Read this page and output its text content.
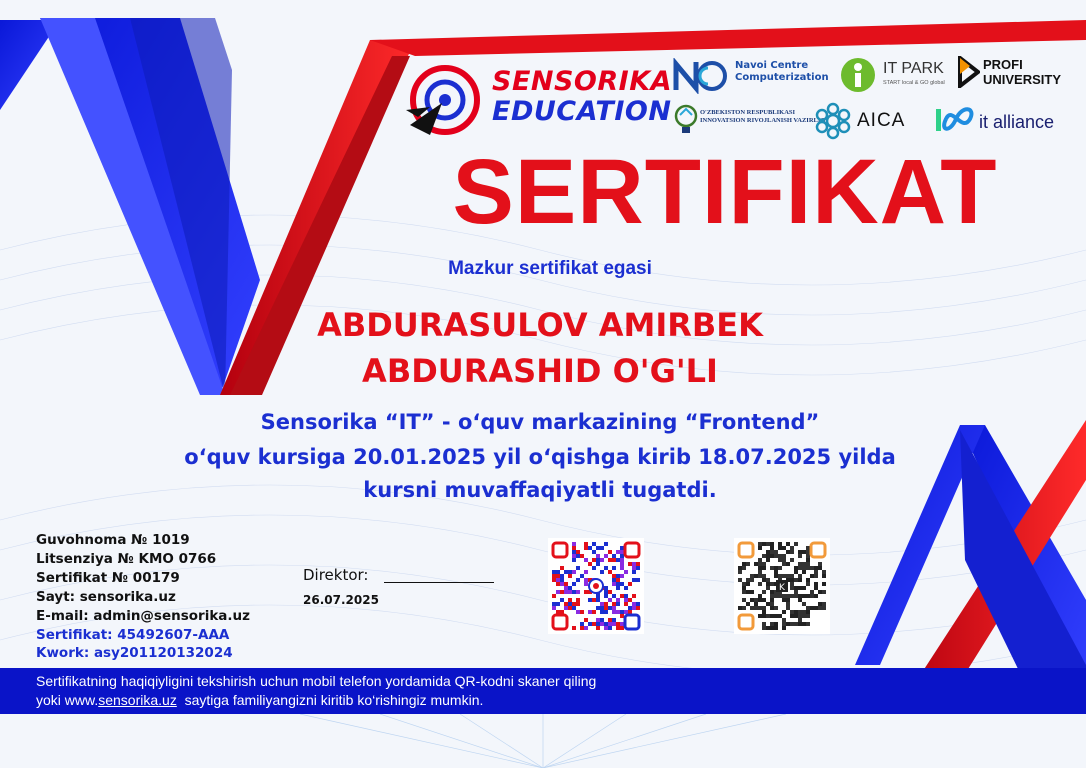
SENSORIKA
EDUCATION
Navoi Centre Computerization
IT PARK
START local & GO global
PROFI UNIVERSITY
O'ZBEKISTON RESPUBLIKASI INNOVATSION RIVOJLANISH VAZIRLIGI AICA	it alliance
SERTIFIKAT
Mazkur sertifikat egasi
ABDURASULOV AMIRBEK
ABDURASHID O'G'LI
Sensorika “IT” - o‘quv markazining “Frontend”
o‘quv kursiga 20.01.2025 yil o‘qishga kirib 18.07.2025 yilda
kursni muvaffaqiyatli tugatdi.
Guvohnoma № 1019
Litsenziya № KMO 0766
Sertifikat № 00179
Sayt: sensorika.uz
E-mail: admin@sensorika.uz
Sertifikat: 45492607-AAA
Kwork: asy201120132024
Direktor:
26.07.2025
K
Sertifikatning haqiqiyligini tekshirish uchun mobil telefon yordamida QR-kodni skaner qiling
yoki www.sensorika.uz  saytiga familiyangizni kiritib ko‘rishingiz mumkin.
